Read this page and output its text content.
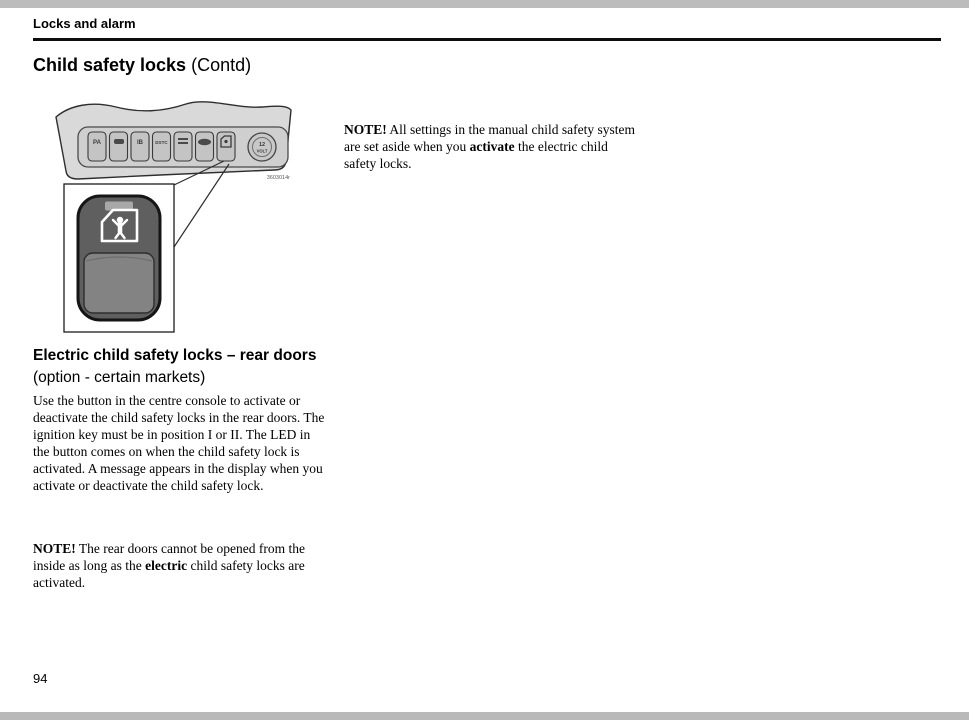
Locks and alarm
Child safety locks (Contd)
PA	IB	DSTC	12
VOLT
3603014r

NOTE! All settings in the manual child safety system are set aside when you activate the electric child safety locks.

Electric child safety locks – rear doors (option - certain markets)

Use the button in the centre console to activate or deactivate the child safety locks in the rear doors. The ignition key must be in position I or II. The LED in the button comes on when the child safety lock is activated. A message appears in the display when you activate or deactivate the child safety lock.

NOTE! The rear doors cannot be opened from the inside as long as the electric child safety locks are activated.

94
